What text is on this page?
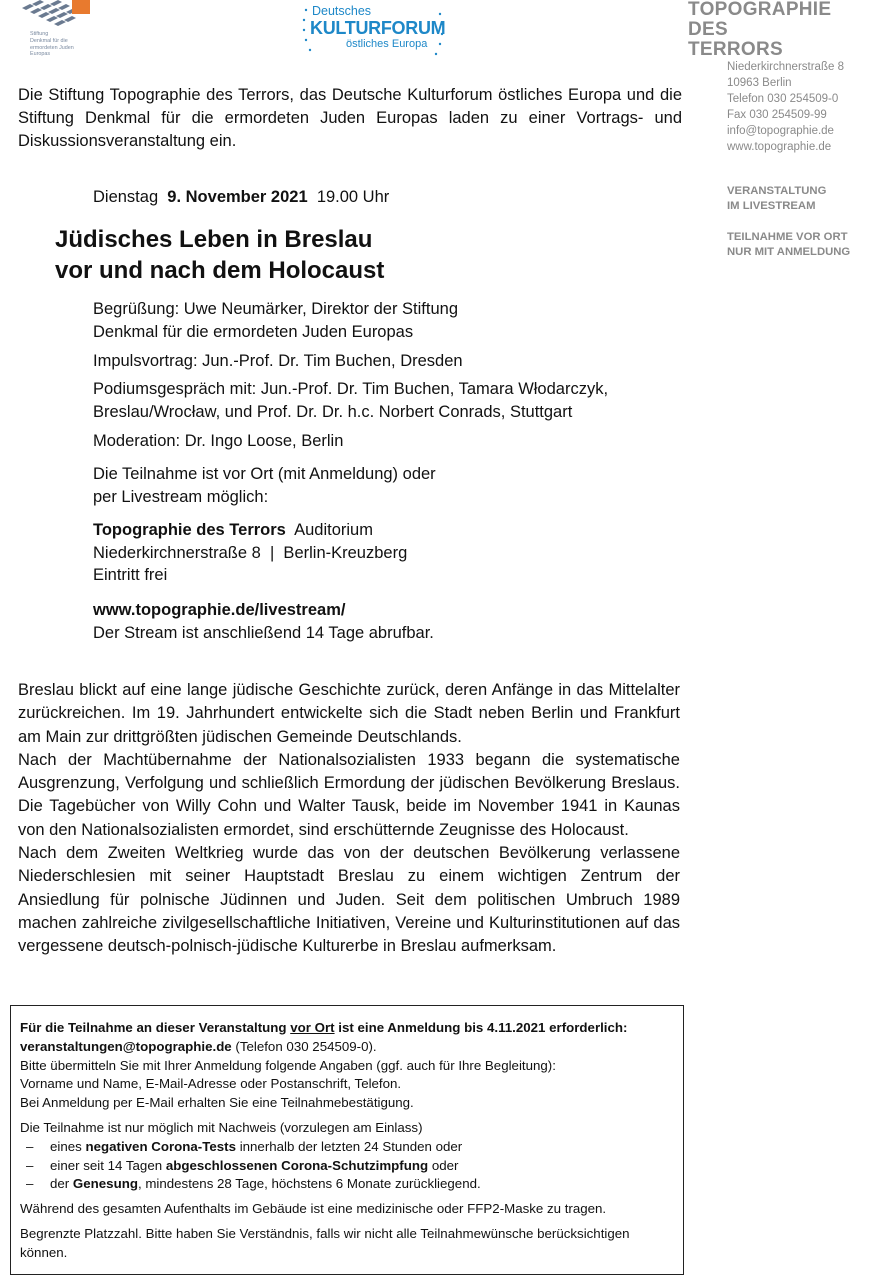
Stiftung
Denkmal für die
ermordeten Juden
Europas
Deutsches
KULTURFORUM
östliches Europa
TOPOGRAPHIE
DES
TERRORS
Niederkirchnerstraße 8
10963 Berlin
Telefon 030 254509-0
Fax 030 254509-99
info@topographie.de
www.topographie.de
VERANSTALTUNG
IM LIVESTREAM
TEILNAHME VOR ORT
NUR MIT ANMELDUNG
Die Stiftung Topographie des Terrors, das Deutsche Kulturforum östliches Europa und die Stiftung Denkmal für die ermordeten Juden Europas laden zu einer Vortrags- und Diskussionsveranstaltung ein.
Dienstag 9. November 2021 19.00 Uhr
Jüdisches Leben in Breslau
vor und nach dem Holocaust
Begrüßung: Uwe Neumärker, Direktor der Stiftung
Denkmal für die ermordeten Juden Europas
Impulsvortrag: Jun.-Prof. Dr. Tim Buchen, Dresden
Podiumsgespräch mit: Jun.-Prof. Dr. Tim Buchen, Tamara Włodarczyk,
Breslau/Wrocław, und Prof. Dr. Dr. h.c. Norbert Conrads, Stuttgart
Moderation: Dr. Ingo Loose, Berlin
Die Teilnahme ist vor Ort (mit Anmeldung) oder
per Livestream möglich:
Topographie des Terrors Auditorium
Niederkirchnerstraße 8  |  Berlin-Kreuzberg
Eintritt frei
www.topographie.de/livestream/
Der Stream ist anschließend 14 Tage abrufbar.

Breslau blickt auf eine lange jüdische Geschichte zurück, deren Anfänge in das Mittelalter zurückreichen. Im 19. Jahrhundert entwickelte sich die Stadt neben Berlin und Frankfurt am Main zur drittgrößten jüdischen Gemeinde Deutschlands.

Nach der Machtübernahme der Nationalsozialisten 1933 begann die systematische Ausgrenzung, Verfolgung und schließlich Ermordung der jüdischen Bevölkerung Breslaus. Die Tagebücher von Willy Cohn und Walter Tausk, beide im November 1941 in Kaunas von den Nationalsozialisten ermordet, sind erschütternde Zeugnisse des Holocaust.

Nach dem Zweiten Weltkrieg wurde das von der deutschen Bevölkerung verlassene Niederschlesien mit seiner Hauptstadt Breslau zu einem wichtigen Zentrum der Ansiedlung für polnische Jüdinnen und Juden. Seit dem politischen Umbruch 1989 machen zahlreiche zivilgesellschaftliche Initiativen, Vereine und Kulturinstitutionen auf das vergessene deutsch-polnisch-jüdische Kulturerbe in Breslau aufmerksam.

Für die Teilnahme an dieser Veranstaltung vor Ort ist eine Anmeldung bis 4.11.2021 erforderlich:

veranstaltungen@topographie.de (Telefon 030 254509-0).

Bitte übermitteln Sie mit Ihrer Anmeldung folgende Angaben (ggf. auch für Ihre Begleitung):

Vorname und Name, E-Mail-Adresse oder Postanschrift, Telefon.

Bei Anmeldung per E-Mail erhalten Sie eine Teilnahmebestätigung.

Die Teilnahme ist nur möglich mit Nachweis (vorzulegen am Einlass)

– eines negativen Corona-Tests innerhalb der letzten 24 Stunden oder

– einer seit 14 Tagen abgeschlossenen Corona-Schutzimpfung oder

– der Genesung, mindestens 28 Tage, höchstens 6 Monate zurückliegend.

Während des gesamten Aufenthalts im Gebäude ist eine medizinische oder FFP2-Maske zu tragen.

Begrenzte Platzzahl. Bitte haben Sie Verständnis, falls wir nicht alle Teilnahmewünsche berücksichtigen können.
